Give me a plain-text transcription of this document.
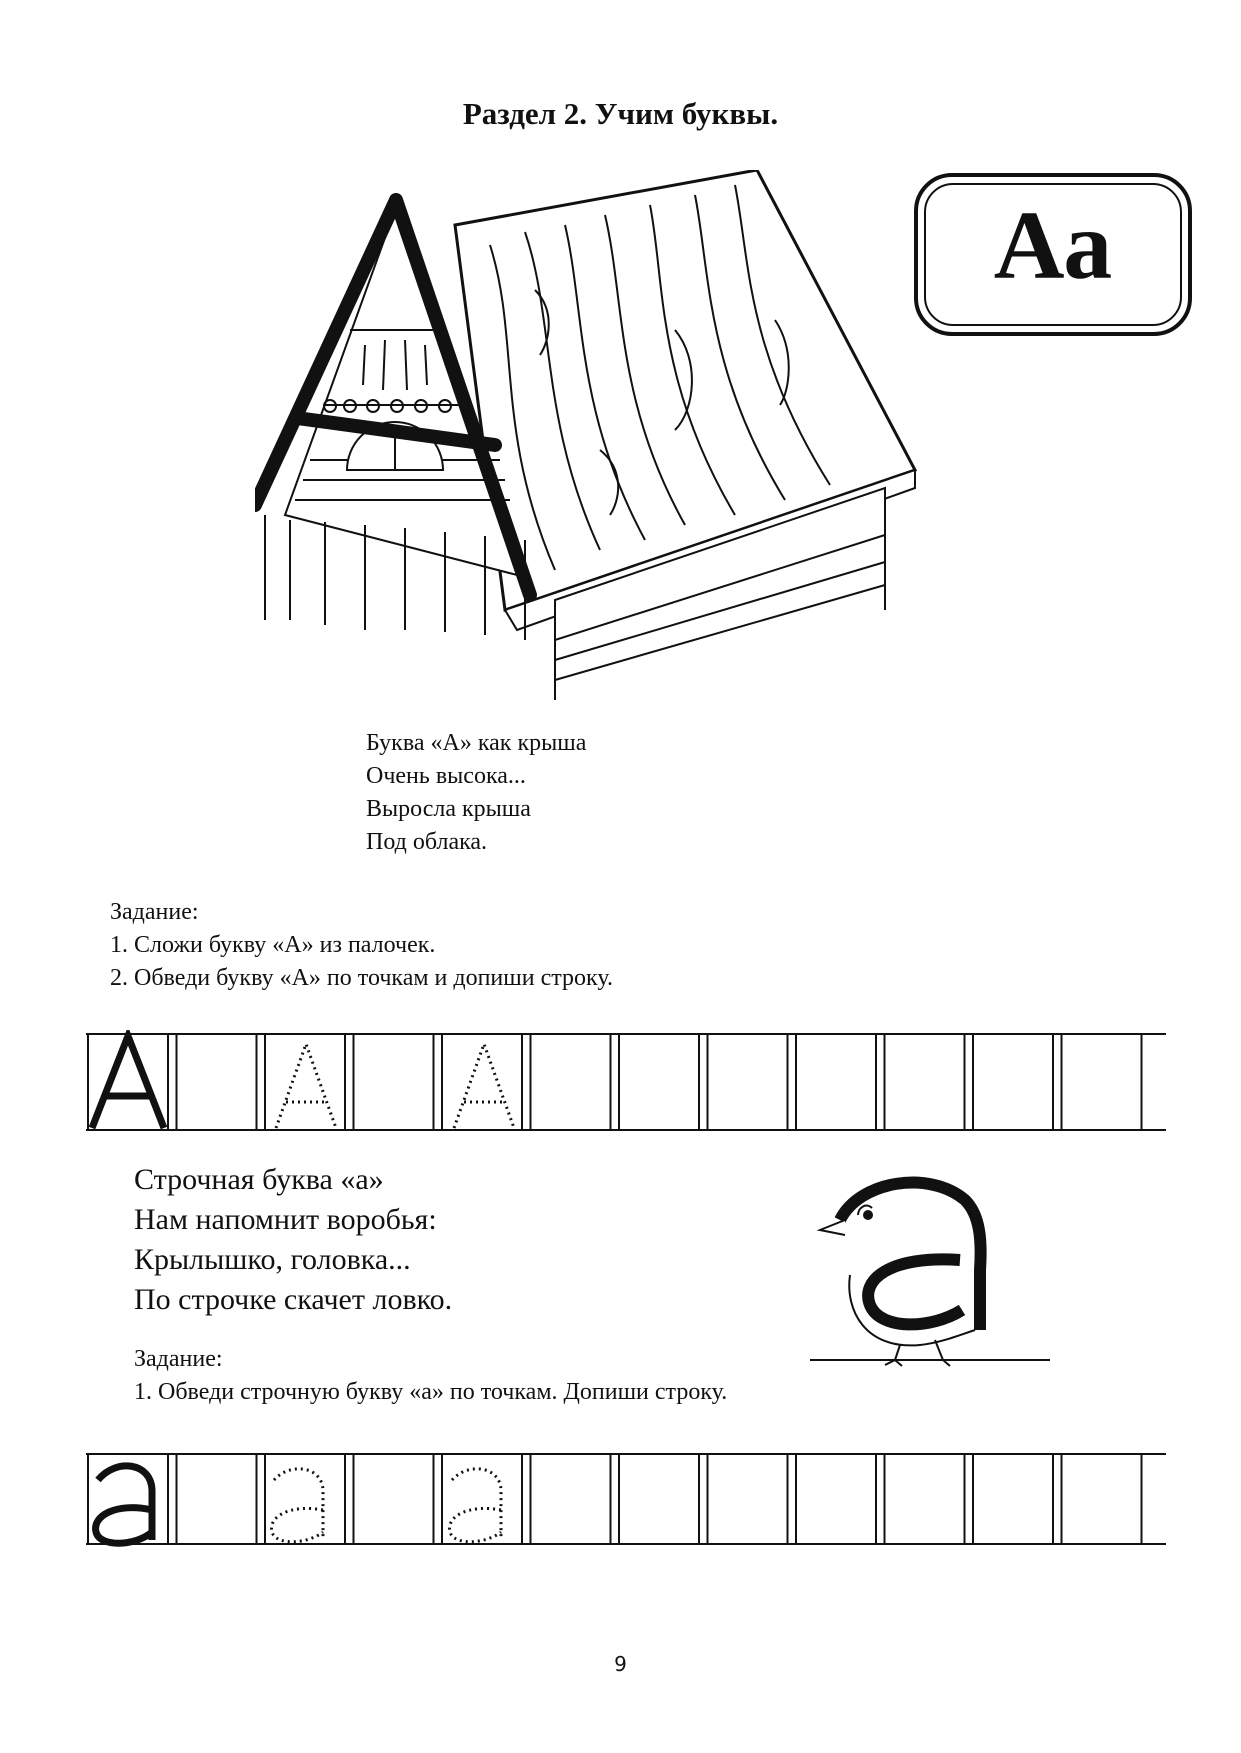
Раздел 2. Учим буквы.
Аа
Буква «А» как крыша
Очень высока...
Выросла крыша
Под облака.
Задание:
1. Сложи букву «А» из палочек.
2. Обведи букву «А» по точкам и допиши строку.
Строчная буква «а»
Нам напомнит воробья:
Крылышко, головка...
По строчке скачет ловко.
Задание:
1. Обведи строчную букву «а» по точкам. Допиши строку.
9
